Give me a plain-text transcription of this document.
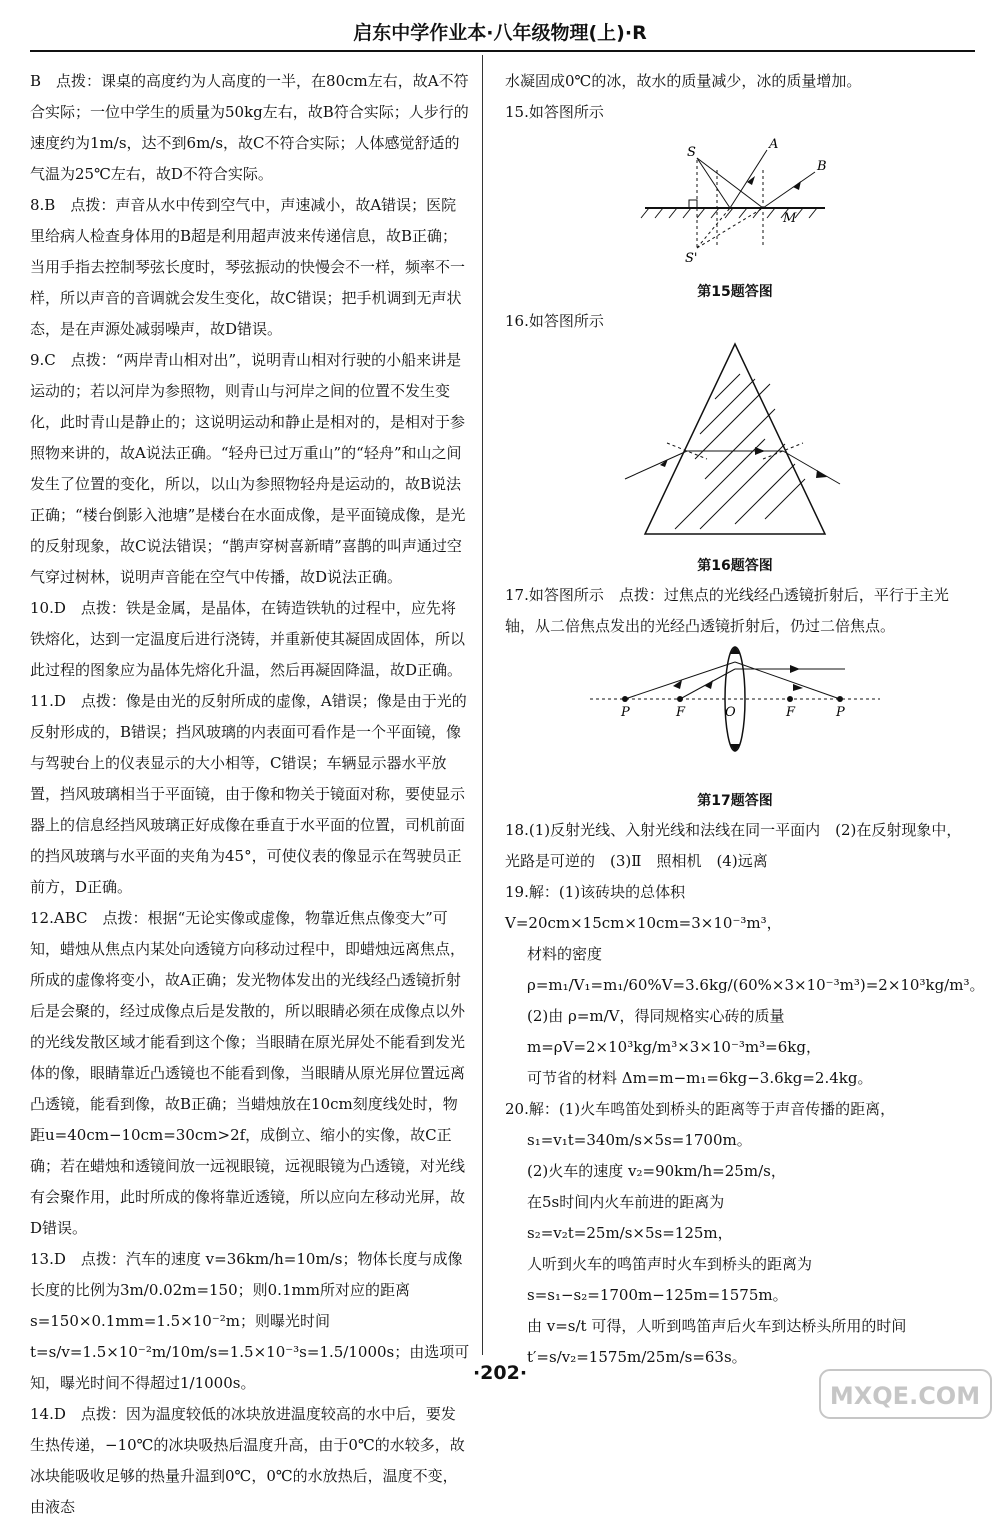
启东中学作业本·八年级物理(上)·R

B　点拨：课桌的高度约为人高度的一半，在80cm左右，故A不符合实际；一位中学生的质量为50kg左右，故B符合实际；人步行的速度约为1m/s，达不到6m/s，故C不符合实际；人体感觉舒适的气温为25℃左右，故D不符合实际。

8.B　点拨：声音从水中传到空气中，声速减小，故A错误；医院里给病人检查身体用的B超是利用超声波来传递信息，故B正确；当用手指去控制琴弦长度时，琴弦振动的快慢会不一样，频率不一样，所以声音的音调就会发生变化，故C错误；把手机调到无声状态，是在声源处减弱噪声，故D错误。

9.C　点拨：“两岸青山相对出”，说明青山相对行驶的小船来讲是运动的；若以河岸为参照物，则青山与河岸之间的位置不发生变化，此时青山是静止的；这说明运动和静止是相对的，是相对于参照物来讲的，故A说法正确。“轻舟已过万重山”的“轻舟”和山之间发生了位置的变化，所以，以山为参照物轻舟是运动的，故B说法正确；“楼台倒影入池塘”是楼台在水面成像，是平面镜成像，是光的反射现象，故C说法错误；“鹊声穿树喜新晴”喜鹊的叫声通过空气穿过树林，说明声音能在空气中传播，故D说法正确。

10.D　点拨：铁是金属，是晶体，在铸造铁轨的过程中，应先将铁熔化，达到一定温度后进行浇铸，并重新使其凝固成固体，所以此过程的图象应为晶体先熔化升温，然后再凝固降温，故D正确。

11.D　点拨：像是由光的反射所成的虚像，A错误；像是由于光的反射形成的，B错误；挡风玻璃的内表面可看作是一个平面镜，像与驾驶台上的仪表显示的大小相等，C错误；车辆显示器水平放置，挡风玻璃相当于平面镜，由于像和物关于镜面对称，要使显示器上的信息经挡风玻璃正好成像在垂直于水平面的位置，司机前面的挡风玻璃与水平面的夹角为45°，可使仪表的像显示在驾驶员正前方，D正确。

12.ABC　点拨：根据“无论实像或虚像，物靠近焦点像变大”可知，蜡烛从焦点内某处向透镜方向移动过程中，即蜡烛远离焦点，所成的虚像将变小，故A正确；发光物体发出的光线经凸透镜折射后是会聚的，经过成像点后是发散的，所以眼睛必须在成像点以外的光线发散区域才能看到这个像；当眼睛在原光屏处不能看到发光体的像，眼睛靠近凸透镜也不能看到像，当眼睛从原光屏位置远离凸透镜，能看到像，故B正确；当蜡烛放在10cm刻度线处时，物距u=40cm−10cm=30cm>2f，成倒立、缩小的实像，故C正确；若在蜡烛和透镜间放一远视眼镜，远视眼镜为凸透镜，对光线有会聚作用，此时所成的像将靠近透镜，所以应向左移动光屏，故D错误。

13.D　点拨：汽车的速度 v=36km/h=10m/s；物体长度与成像长度的比例为3m/0.02m=150；则0.1mm所对应的距离 s=150×0.1mm=1.5×10⁻²m；则曝光时间 t=s/v=1.5×10⁻²m/10m/s=1.5×10⁻³s=1.5/1000s；由选项可知，曝光时间不得超过1/1000s。

14.D　点拨：因为温度较低的冰块放进温度较高的水中后，要发生热传递，−10℃的冰块吸热后温度升高，由于0℃的水较多，故冰块能吸收足够的热量升温到0℃，0℃的水放热后，温度不变，由液态

水凝固成0℃的冰，故水的质量减少，冰的质量增加。

15.如答图所示

S
S'
A
B
M
第15题答图

16.如答图所示

第16题答图

17.如答图所示　点拨：过焦点的光线经凸透镜折射后，平行于主光轴，从二倍焦点发出的光经凸透镜折射后，仍过二倍焦点。

P	F	O	F	P
第17题答图

18.(1)反射光线、入射光线和法线在同一平面内　(2)在反射现象中，光路是可逆的　(3)Ⅱ　照相机　(4)远离

19.解：(1)该砖块的总体积 V=20cm×15cm×10cm=3×10⁻³m³，

材料的密度 ρ=m₁/V₁=m₁/60%V=3.6kg/(60%×3×10⁻³m³)=2×10³kg/m³。

(2)由 ρ=m/V，得同规格实心砖的质量 m=ρV=2×10³kg/m³×3×10⁻³m³=6kg，

可节省的材料 Δm=m−m₁=6kg−3.6kg=2.4kg。

20.解：(1)火车鸣笛处到桥头的距离等于声音传播的距离，

s₁=v₁t=340m/s×5s=1700m。

(2)火车的速度 v₂=90km/h=25m/s，

在5s时间内火车前进的距离为

s₂=v₂t=25m/s×5s=125m，

人听到火车的鸣笛声时火车到桥头的距离为

s=s₁−s₂=1700m−125m=1575m。

由 v=s/t 可得，人听到鸣笛声后火车到达桥头所用的时间

t′=s/v₂=1575m/25m/s=63s。

·202·
MXQE.COM
